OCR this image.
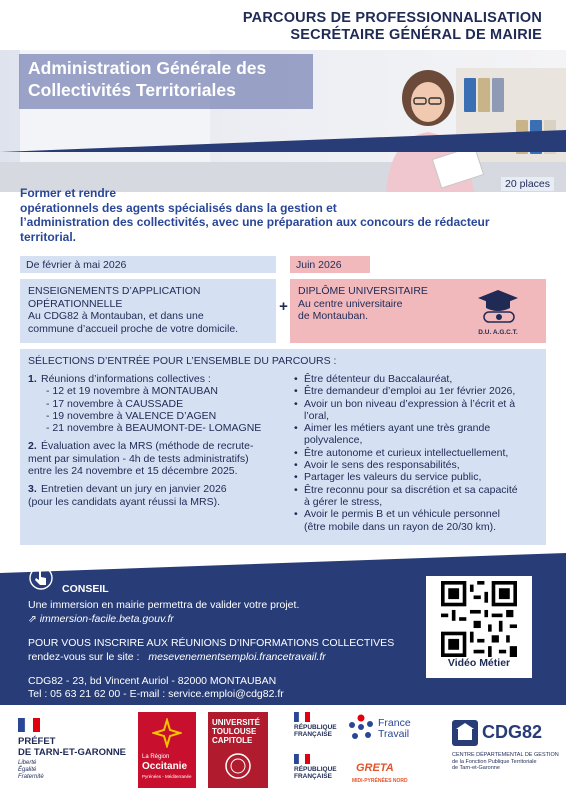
PARCOURS DE PROFESSIONNALISATION
SECRÉTAIRE GÉNÉRAL DE MAIRIE
Administration Générale des
Collectivités Territoriales
Former et rendre
opérationnels des agents spécialisés dans la gestion et
l’administration des collectivités, avec une préparation aux concours de rédacteur
territorial.
20 places
De février à mai 2026	Juin 2026
ENSEIGNEMENTS D’APPLICATION
OPÉRATIONNELLE
Au CDG82 à Montauban, et dans une
commune d’accueil proche de votre domicile.
+
DIPLÔME UNIVERSITAIRE
Au centre universitaire
de Montauban.
D.U. A.G.C.T.
SÉLECTIONS D’ENTRÉE POUR L’ENSEMBLE DU PARCOURS :
1. Réunions d’informations collectives :
- 12 et 19 novembre à MONTAUBAN
- 17 novembre à CAUSSADE
- 19 novembre à VALENCE D’AGEN
- 21 novembre à BEAUMONT-DE- LOMAGNE
2. Évaluation avec la MRS (méthode de recrute-
ment par simulation - 4h de tests administratifs)
entre les 24 novembre et 15 décembre 2025.
3. Entretien devant un jury en janvier 2026
(pour les candidats ayant réussi la MRS).
• Être détenteur du Baccalauréat,
• Être demandeur d’emploi au 1er février 2026,
• Avoir un bon niveau d’expression à l’écrit et à
l’oral,
• Aimer les métiers ayant une très grande
polyvalence,
• Être autonome et curieux intellectuellement,
• Avoir le sens des responsabilités,
• Partager les valeurs du service public,
• Être reconnu pour sa discrétion et sa capacité
à gérer le stress,
• Avoir le permis B et un véhicule personnel
(être mobile dans un rayon de 20/30 km).
CONSEIL
Une immersion en mairie permettra de valider votre projet.
⇗ immersion-facile.beta.gouv.fr
POUR VOUS INSCRIRE AUX RÉUNIONS D’INFORMATIONS COLLECTIVES
rendez-vous sur le site : mesevenementsemploi.francetravail.fr
CDG82 - 23, bd Vincent Auriol - 82000 MONTAUBAN
Tel : 05 63 21 62 00 - E-mail : service.emploi@cdg82.fr
Vidéo Métier
PRÉFET
DE TARN-ET-GARONNE
Liberté
Égalité
Fraternité
La Région
Occitanie
Pyrénées - Méditerranée
UNIVERSITÉ
TOULOUSE
CAPITOLE
RÉPUBLIQUE
FRANÇAISE
France
Travail
RÉPUBLIQUE
FRANÇAISE
GRETA
MIDI-PYRÉNÉES NORD
CDG82
CENTRE DÉPARTEMENTAL DE GESTION
de la Fonction Publique Territoriale
de Tarn-et-Garonne
